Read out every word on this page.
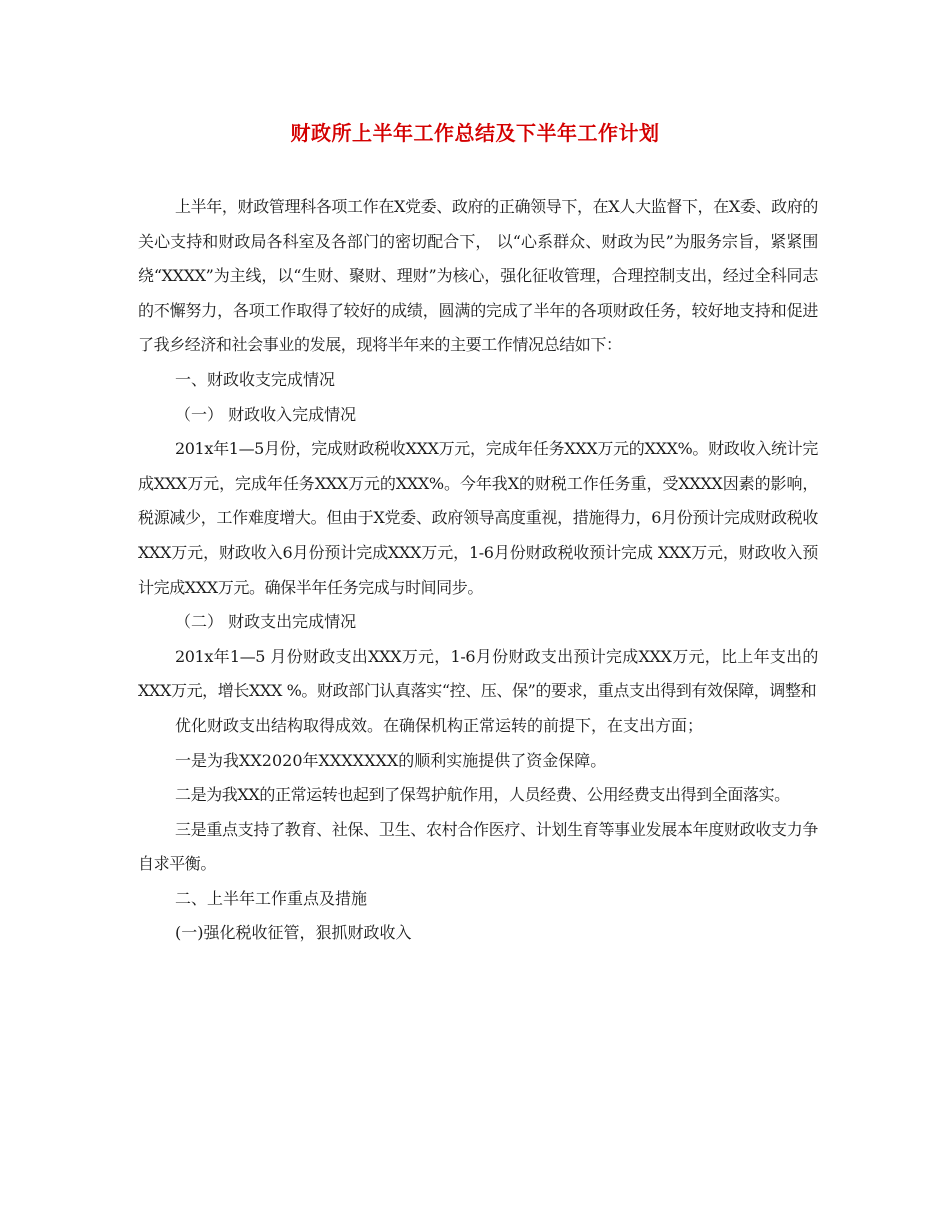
财政所上半年工作总结及下半年工作计划

上半年，财政管理科各项工作在X党委、政府的正确领导下，在X人大监督下，在X委、政府的关心支持和财政局各科室及各部门的密切配合下， 以“心系群众、财政为民”为服务宗旨，紧紧围绕“XXXX”为主线，以“生财、聚财、理财”为核心，强化征收管理，合理控制支出，经过全科同志的不懈努力，各项工作取得了较好的成绩，圆满的完成了半年的各项财政任务，较好地支持和促进了我乡经济和社会事业的发展，现将半年来的主要工作情况总结如下：

一、财政收支完成情况

（一） 财政收入完成情况

201x年1—5月份，完成财政税收XXX万元，完成年任务XXX万元的XXX%。财政收入统计完成XXX万元，完成年任务XXX万元的XXX%。今年我X的财税工作任务重，受XXXX因素的影响，税源减少，工作难度增大。但由于X党委、政府领导高度重视，措施得力，6月份预计完成财政税收XXX万元，财政收入6月份预计完成XXX万元，1-6月份财政税收预计完成 XXX万元，财政收入预计完成XXX万元。确保半年任务完成与时间同步。

（二） 财政支出完成情况

201x年1—5 月份财政支出XXX万元，1-6月份财政支出预计完成XXX万元，比上年支出的XXX万元，增长XXX %。财政部门认真落实“控、压、保”的要求，重点支出得到有效保障，调整和

优化财政支出结构取得成效。在确保机构正常运转的前提下，在支出方面；

一是为我XX2020年XXXXXXX的顺利实施提供了资金保障。

二是为我XX的正常运转也起到了保驾护航作用，人员经费、公用经费支出得到全面落实。

三是重点支持了教育、社保、卫生、农村合作医疗、计划生育等事业发展本年度财政收支力争自求平衡。

二、上半年工作重点及措施

(一)强化税收征管，狠抓财政收入
